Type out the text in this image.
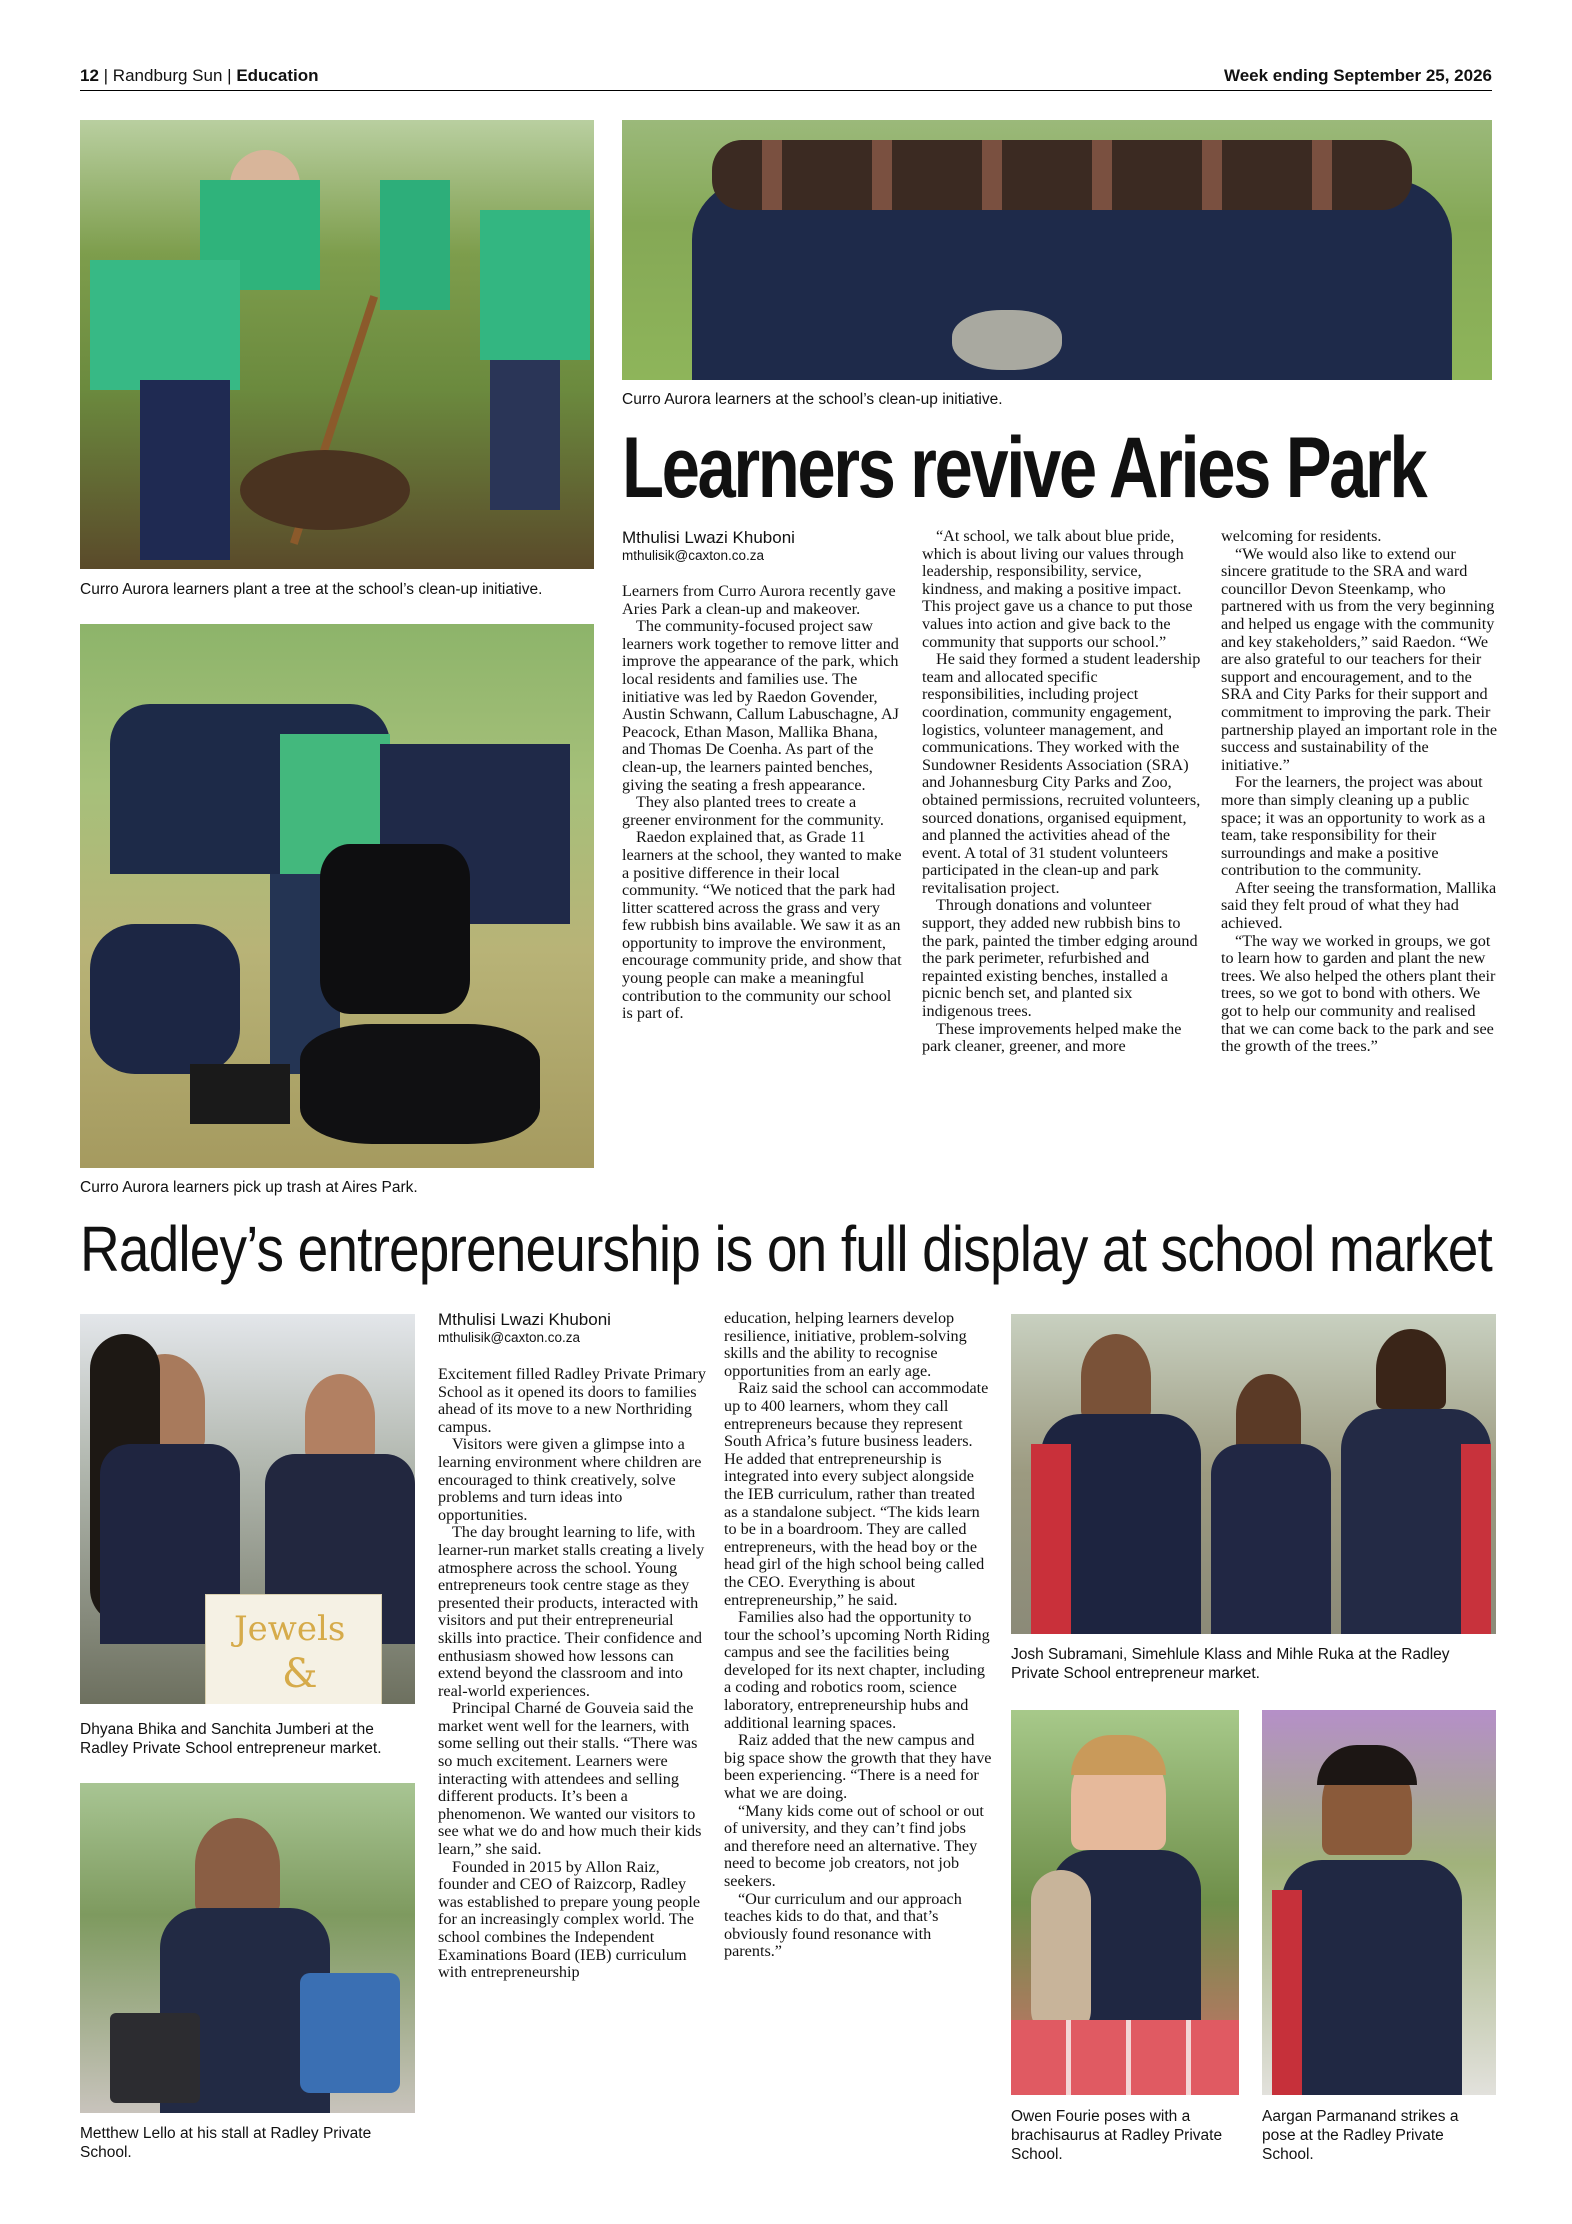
12 | Randburg Sun | Education	Week ending September 25, 2026
Curro Aurora learners plant a tree at the school’s clean-up initiative.
Curro Aurora learners at the school’s clean-up initiative.
Curro Aurora learners pick up trash at Aires Park.
Learners revive Aries Park
Mthulisi Lwazi Khuboni
mthulisik@caxton.co.za

Learners from Curro Aurora recently gave Aries Park a clean-up and makeover.

The community-focused project saw learners work together to remove litter and improve the appearance of the park, which local residents and families use. The initiative was led by Raedon Govender, Austin Schwann, Callum Labuschagne, AJ Peacock, Ethan Mason, Mallika Bhana, and Thomas De Coenha. As part of the clean-up, the learners painted benches, giving the seating a fresh appearance.

They also planted trees to create a greener environment for the community.

Raedon explained that, as Grade 11 learners at the school, they wanted to make a positive difference in their local community. “We noticed that the park had litter scattered across the grass and very few rubbish bins available. We saw it as an opportunity to improve the environment, encourage community pride, and show that young people can make a meaningful contribution to the community our school is part of.

“At school, we talk about blue pride, which is about living our values through leadership, responsibility, service, kindness, and making a positive impact. This project gave us a chance to put those values into action and give back to the community that supports our school.”

He said they formed a student leadership team and allocated specific responsibilities, including project coordination, community engagement, logistics, volunteer management, and communications. They worked with the Sundowner Residents Association (SRA) and Johannesburg City Parks and Zoo, obtained permissions, recruited volunteers, sourced donations, organised equipment, and planned the activities ahead of the event. A total of 31 student volunteers participated in the clean-up and park revitalisation project.

Through donations and volunteer support, they added new rubbish bins to the park, painted the timber edging around the park perimeter, refurbished and repainted existing benches, installed a picnic bench set, and planted six indigenous trees.

These improvements helped make the park cleaner, greener, and more

welcoming for residents.

“We would also like to extend our sincere gratitude to the SRA and ward councillor Devon Steenkamp, who partnered with us from the very beginning and helped us engage with the community and key stakeholders,” said Raedon. “We are also grateful to our teachers for their support and encouragement, and to the SRA and City Parks for their support and commitment to improving the park. Their partnership played an important role in the success and sustainability of the initiative.”

For the learners, the project was about more than simply cleaning up a public space; it was an opportunity to work as a team, take responsibility for their surroundings and make a positive contribution to the community.

After seeing the transformation, Mallika said they felt proud of what they had achieved.

“The way we worked in groups, we got to learn how to garden and plant the new trees. We also helped the others plant their trees, so we got to bond with others. We got to help our community and realised that we can come back to the park and see the growth of the trees.”

Radley’s entrepreneurship is on full display at school market
Jewels
&
Dhyana Bhika and Sanchita Jumberi at the Radley Private School entrepreneur market.
Metthew Lello at his stall at Radley Private School.
Josh Subramani, Simehlule Klass and Mihle Ruka at the Radley Private School entrepreneur market.
Owen Fourie poses with a brachisaurus at Radley Private School.
Aargan Parmanand strikes a pose at the Radley Private School.
Mthulisi Lwazi Khuboni
mthulisik@caxton.co.za

Excitement filled Radley Private Primary School as it opened its doors to families ahead of its move to a new Northriding campus.

Visitors were given a glimpse into a learning environment where children are encouraged to think creatively, solve problems and turn ideas into opportunities.

The day brought learning to life, with learner-run market stalls creating a lively atmosphere across the school. Young entrepreneurs took centre stage as they presented their products, interacted with visitors and put their entrepreneurial skills into practice. Their confidence and enthusiasm showed how lessons can extend beyond the classroom and into real-world experiences.

Principal Charné de Gouveia said the market went well for the learners, with some selling out their stalls. “There was so much excitement. Learners were interacting with attendees and selling different products. It’s been a phenomenon. We wanted our visitors to see what we do and how much their kids learn,” she said.

Founded in 2015 by Allon Raiz, founder and CEO of Raizcorp, Radley was established to prepare young people for an increasingly complex world. The school combines the Independent Examinations Board (IEB) curriculum with entrepreneurship

education, helping learners develop resilience, initiative, problem-solving skills and the ability to recognise opportunities from an early age.

Raiz said the school can accommodate up to 400 learners, whom they call entrepreneurs because they represent South Africa’s future business leaders. He added that entrepreneurship is integrated into every subject alongside the IEB curriculum, rather than treated as a standalone subject. “The kids learn to be in a boardroom. They are called entrepreneurs, with the head boy or the head girl of the high school being called the CEO. Everything is about entrepreneurship,” he said.

Families also had the opportunity to tour the school’s upcoming North Riding campus and see the facilities being developed for its next chapter, including a coding and robotics room, science laboratory, entrepreneurship hubs and additional learning spaces.

Raiz added that the new campus and big space show the growth that they have been experiencing. “There is a need for what we are doing.

“Many kids come out of school or out of university, and they can’t find jobs and therefore need an alternative. They need to become job creators, not job seekers.

“Our curriculum and our approach teaches kids to do that, and that’s obviously found resonance with parents.”
